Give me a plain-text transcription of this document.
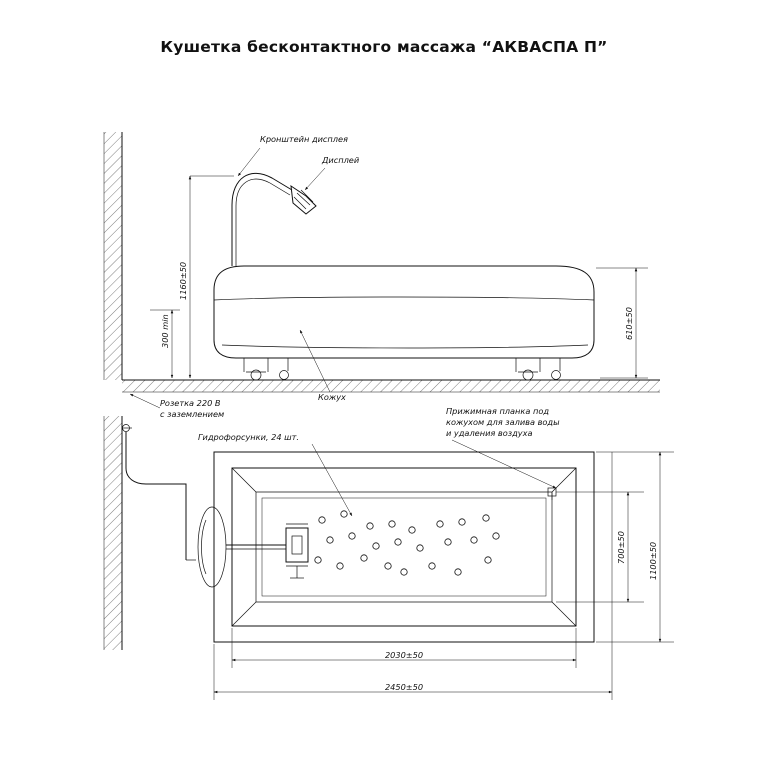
Кушетка бесконтактного массажа “АКВАСПА П”
1160±50
300 min	610±50
700±50	1100±50
2030±50
2450±50
Кронштейн дисплея
Дисплей
Розетка 220 В
с заземлением
Кожух
Гидрофорсунки, 24 шт.
Прижимная планка под
кожухом для залива воды
и удаления воздуха
